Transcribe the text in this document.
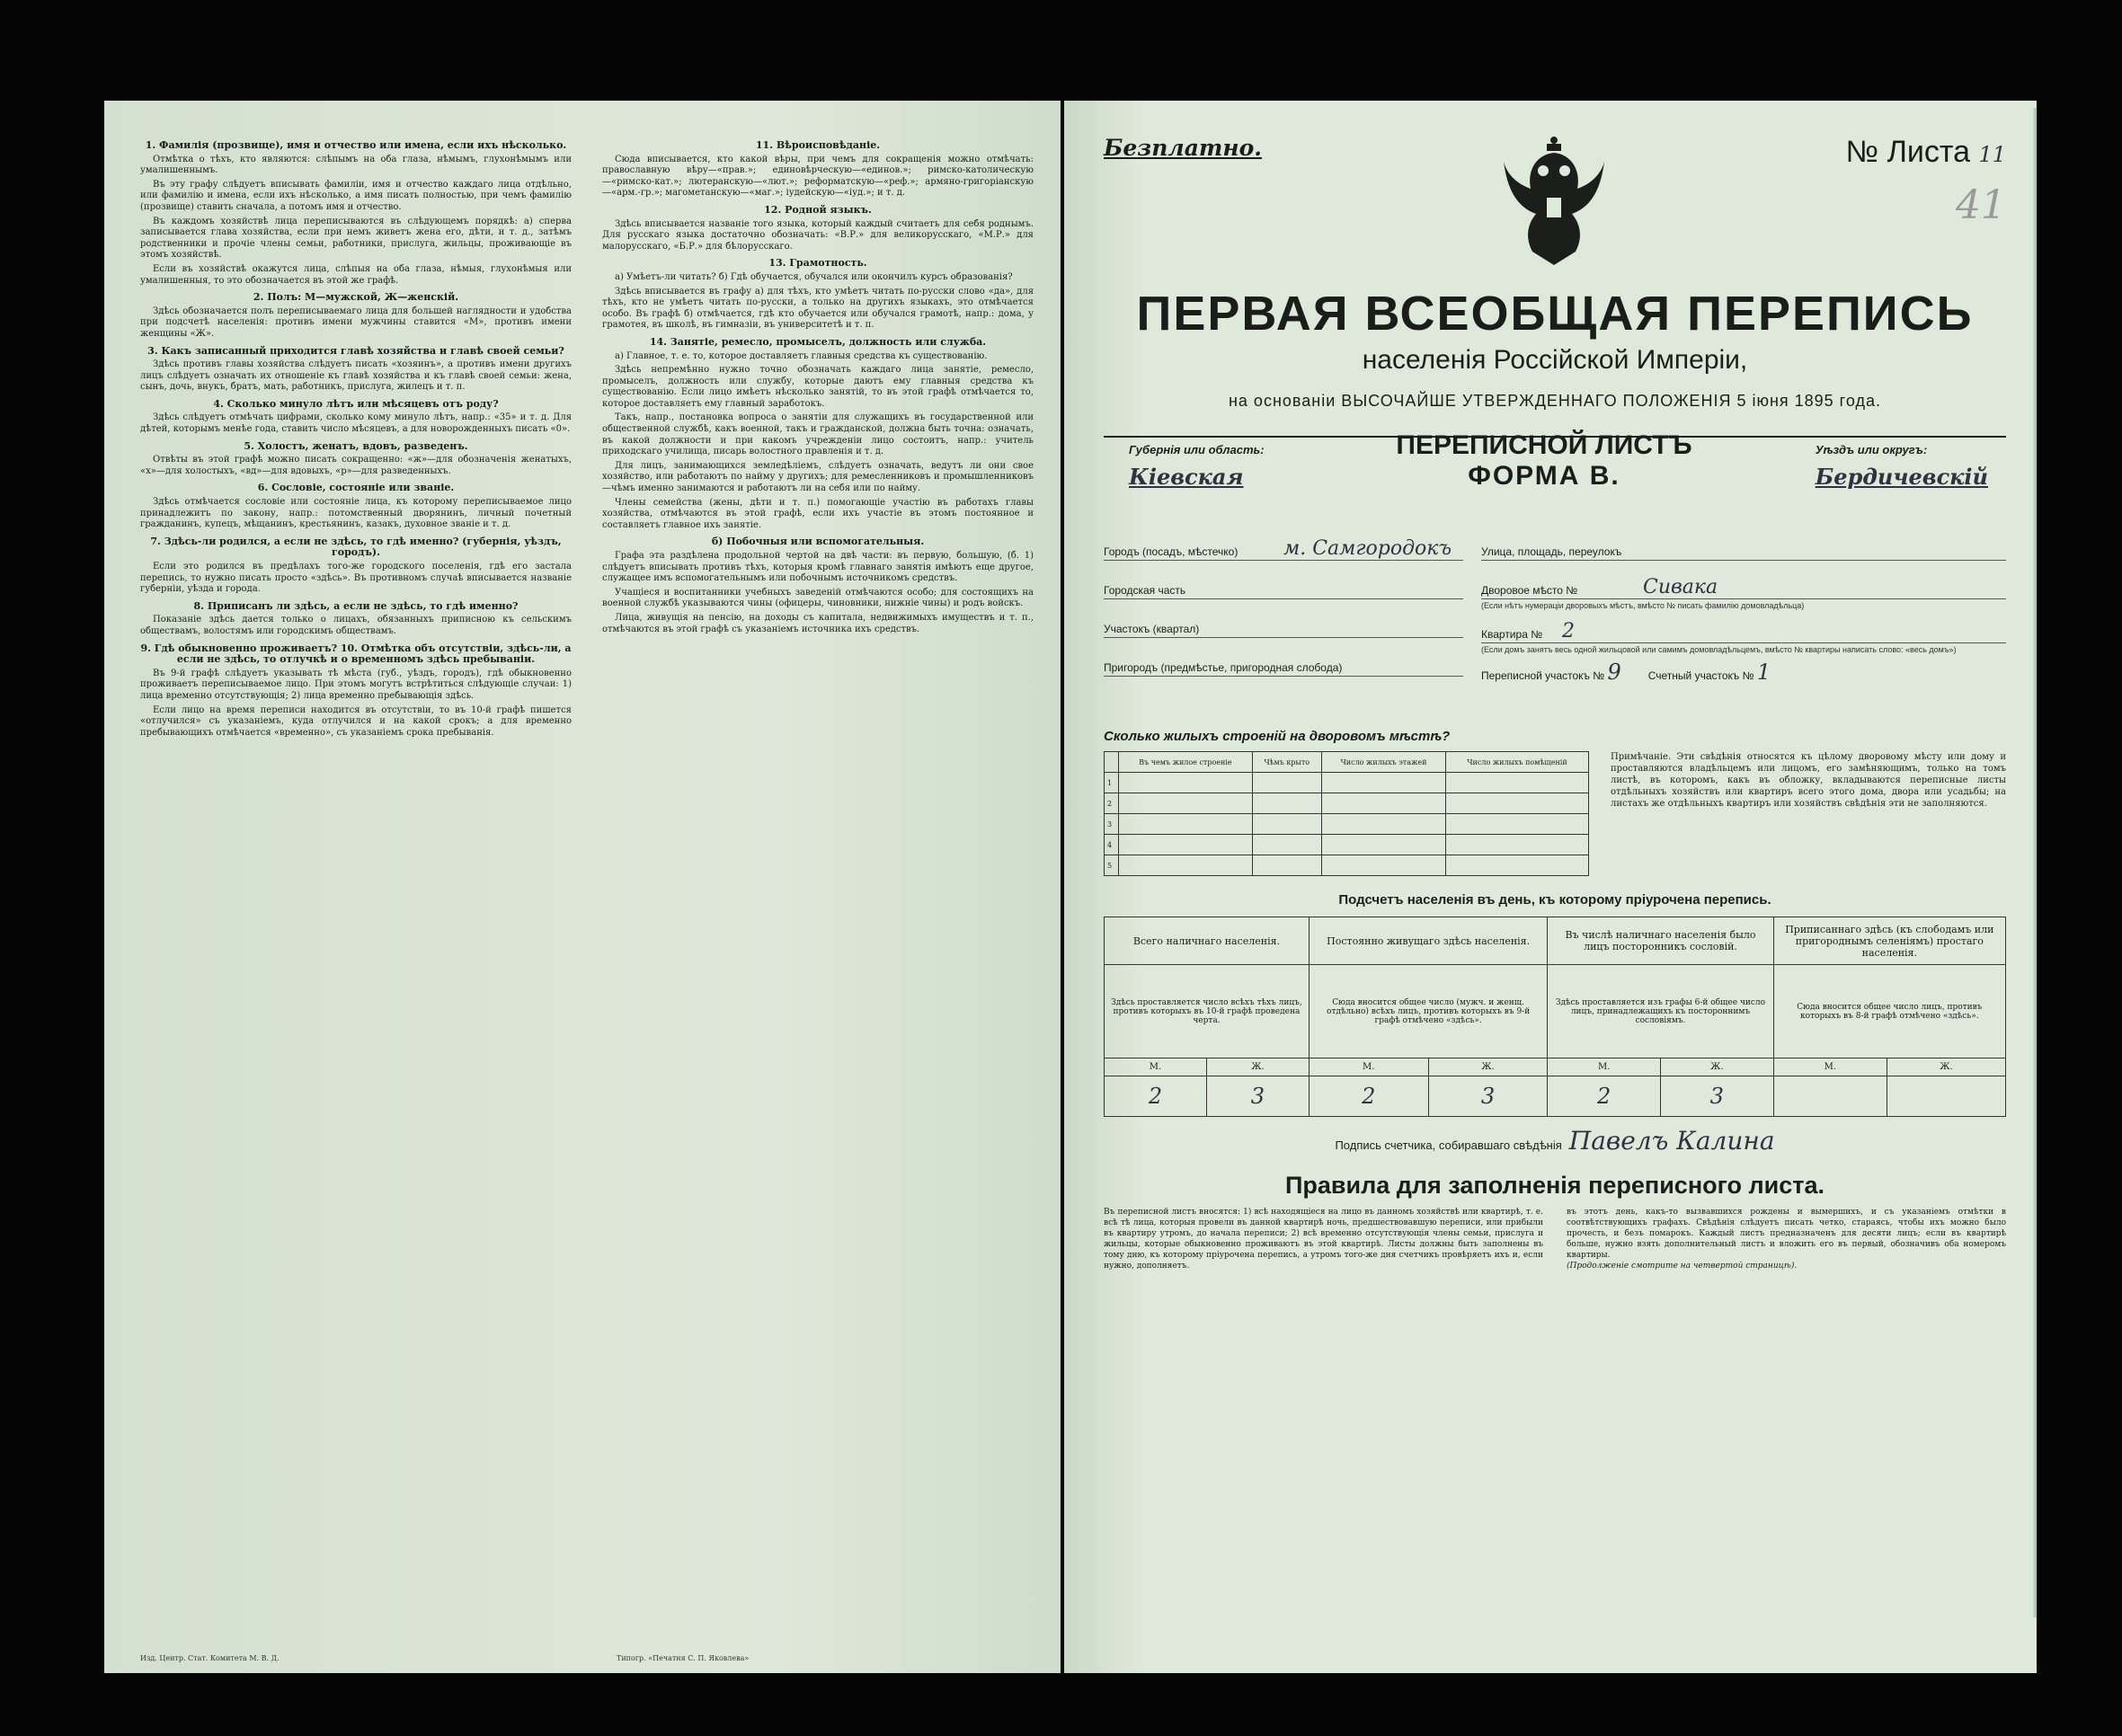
1. Фамилія (прозвище), имя и отчество или имена, если ихъ нѣсколько.

Отмѣтка о тѣхъ, кто являются: слѣпымъ на оба глаза, нѣмымъ, глухонѣмымъ или умалишеннымъ.

Въ эту графу слѣдуетъ вписывать фамиліи, имя и отчество каждаго лица отдѣльно, или фамилію и имена, если ихъ нѣсколько, а имя писать полностью, при чемъ фамилію (прозвище) ставить сначала, а потомъ имя и отчество.

Въ каждомъ хозяйствѣ лица переписываются въ слѣдующемъ порядкѣ: а) сперва записывается глава хозяйства, если при немъ живетъ жена его, дѣти, и т. д., затѣмъ родственники и прочіе члены семьи, работники, прислуга, жильцы, проживающіе въ этомъ хозяйствѣ.

Если въ хозяйствѣ окажутся лица, слѣпыя на оба глаза, нѣмыя, глухонѣмыя или умалишенныя, то это обозначается въ этой же графѣ.

2. Полъ: М—мужской, Ж—женскій.

Здѣсь обозначается полъ переписываемаго лица для большей наглядности и удобства при подсчетѣ населенія: противъ имени мужчины ставится «М», противъ имени женщины «Ж».

3. Какъ записанный приходится главѣ хозяйства и главѣ своей семьи?

Здѣсь противъ главы хозяйства слѣдуетъ писать «хозяинъ», а противъ имени другихъ лицъ слѣдуетъ означать их отношеніе къ главѣ хозяйства и къ главѣ своей семьи: жена, сынъ, дочь, внукъ, братъ, мать, работникъ, прислуга, жилецъ и т. п.

4. Сколько минуло лѣтъ или мѣсяцевъ отъ роду?

Здѣсь слѣдуетъ отмѣчать цифрами, сколько кому минуло лѣтъ, напр.: «35» и т. д. Для дѣтей, которымъ менѣе года, ставить число мѣсяцевъ, а для новорожденныхъ писать «0».

5. Холостъ, женатъ, вдовъ, разведенъ.

Отвѣты въ этой графѣ можно писать сокращенно: «ж»—для обозначенія женатыхъ, «х»—для холостыхъ, «вд»—для вдовыхъ, «р»—для разведенныхъ.

6. Сословіе, состояніе или званіе.

Здѣсь отмѣчается сословіе или состояніе лица, къ которому переписываемое лицо принадлежитъ по закону, напр.: потомственный дворянинъ, личный почетный гражданинъ, купецъ, мѣщанинъ, крестьянинъ, казакъ, духовное званіе и т. д.

7. Здѣсь-ли родился, а если не здѣсь, то гдѣ именно? (губернія, уѣздъ, городъ).

Если это родился въ предѣлахъ того-же городского поселенія, гдѣ его застала перепись, то нужно писать просто «здѣсь». Въ противномъ случаѣ вписывается названіе губерніи, уѣзда и города.

8. Приписанъ ли здѣсь, а если не здѣсь, то гдѣ именно?

Показаніе здѣсь дается только о лицахъ, обязанныхъ приписною къ сельскимъ обществамъ, волостямъ или городскимъ обществамъ.

9. Гдѣ обыкновенно проживаетъ? 10. Отмѣтка объ отсутствіи, здѣсь-ли, а если не здѣсь, то отлучкѣ и о временномъ здѣсь пребываніи.

Въ 9-й графѣ слѣдуетъ указывать тѣ мѣста (губ., уѣздъ, городъ), гдѣ обыкновенно проживаетъ переписываемое лицо. При этомъ могутъ встрѣтиться слѣдующіе случаи: 1) лица временно отсутствующія; 2) лица временно пребывающія здѣсь.

Если лицо на время переписи находится въ отсутствіи, то въ 10-й графѣ пишется «отлучился» съ указаніемъ, куда отлучился и на какой срокъ; а для временно пребывающихъ отмѣчается «временно», съ указаніемъ срока пребыванія.

11. Вѣроисповѣданіе.

Сюда вписывается, кто какой вѣры, при чемъ для сокращенія можно отмѣчать: православную вѣру—«прав.»; единовѣрческую—«единов.»; римско-католическую—«римско-кат.»; лютеранскую—«лют.»; реформатскую—«реф.»; армяно-григоріанскую—«арм.-гр.»; магометанскую—«маг.»; іудейскую—«іуд.»; и т. д.

12. Родной языкъ.

Здѣсь вписывается названіе того языка, который каждый считаетъ для себя роднымъ. Для русскаго языка достаточно обозначать: «В.Р.» для великорусскаго, «М.Р.» для малорусскаго, «Б.Р.» для бѣлорусскаго.

13. Грамотность.

а) Умѣетъ-ли читать? б) Гдѣ обучается, обучался или окончилъ курсъ образованія?

Здѣсь вписывается въ графу а) для тѣхъ, кто умѣетъ читать по-русски слово «да», для тѣхъ, кто не умѣетъ читать по-русски, а только на другихъ языкахъ, это отмѣчается особо. Въ графѣ б) отмѣчается, гдѣ кто обучается или обучался грамотѣ, напр.: дома, у грамотея, въ школѣ, въ гимназіи, въ университетѣ и т. п.

14. Занятіе, ремесло, промыселъ, должность или служба.

а) Главное, т. е. то, которое доставляетъ главныя средства къ существованію.

Здѣсь непремѣнно нужно точно обозначать каждаго лица занятіе, ремесло, промыселъ, должность или службу, которые даютъ ему главныя средства къ существованію. Если лицо имѣетъ нѣсколько занятій, то въ этой графѣ отмѣчается то, которое доставляетъ ему главный заработокъ.

Такъ, напр., постановка вопроса о занятіи для служащихъ въ государственной или общественной службѣ, какъ военной, такъ и гражданской, должна быть точна: означать, въ какой должности и при какомъ учрежденіи лицо состоитъ, напр.: учитель приходскаго училища, писарь волостного правленія и т. д.

Для лицъ, занимающихся земледѣліемъ, слѣдуетъ означать, ведутъ ли они свое хозяйство, или работаютъ по найму у другихъ; для ремесленниковъ и промышленниковъ—чѣмъ именно занимаются и работаютъ ли на себя или по найму.

Члены семейства (жены, дѣти и т. п.) помогающіе участію въ работахъ главы хозяйства, отмѣчаются въ этой графѣ, если ихъ участіе въ этомъ постоянное и составляетъ главное ихъ занятіе.

б) Побочныя или вспомогательныя.

Графа эта раздѣлена продольной чертой на двѣ части: въ первую, большую, (б. 1) слѣдуетъ вписывать противъ тѣхъ, которыя кромѣ главнаго занятія имѣютъ еще другое, служащее имъ вспомогательнымъ или побочнымъ источникомъ средствъ.

Учащіеся и воспитанники учебныхъ заведеній отмѣчаются особо; для состоящихъ на военной службѣ указываются чины (офицеры, чиновники, нижніе чины) и родъ войскъ.

Лица, живущія на пенсію, на доходы съ капитала, недвижимыхъ имуществъ и т. п., отмѣчаются въ этой графѣ съ указаніемъ источника ихъ средствъ.

Изд. Центр. Стат. Комитета М. В. Д.	Типогр. «Печатня С. П. Яковлева»
Безплатно.	№ Листа 11
41
ПЕРВАЯ ВСЕОБЩАЯ ПЕРЕПИСЬ
населенія Россійской Имперіи,
на основаніи ВЫСОЧАЙШЕ УТВЕРЖДЕННАГО ПОЛОЖЕНІЯ 5 іюня 1895 года.
Губернія или область:
Кіевская
ПЕРЕПИСНОЙ ЛИСТЪ
ФОРМА В.
Уѣздъ или округъ:
Бердичевскій
Городъ (посадъ, мѣстечко) м. Самгородокъ
Городская часть
Участокъ (квартал)
Пригородъ (предмѣстье, пригородная слобода)
Улица, площадь, переулокъ
Дворовое мѣсто №	Сивака
(Если нѣтъ нумераціи дворовыхъ мѣстъ, вмѣсто № писать фамилію домовладѣльца)
Квартира № 2
(Если домъ занятъ весь одной жильцовой или самимъ домовладѣльцемъ, вмѣсто № квартиры написать слово: «весь домъ»)
Переписной участокъ № 9	Счетный участокъ № 1
Сколько жилыхъ строеній на дворовомъ мѣстѣ?
	Въ чемъ жилое строеніе	Чѣмъ крыто	Число жилыхъ этажей	Число жилыхъ помѣщеній
1				
2				
3				
4				
5				
Примѣчаніе. Эти свѣдѣнія относятся къ цѣлому дворовому мѣсту или дому и проставляются владѣльцемъ или лицомъ, его замѣняющимъ, только на томъ листѣ, въ которомъ, какъ въ обложку, вкладываются переписные листы отдѣльныхъ хозяйствъ или квартиръ всего этого дома, двора или усадьбы; на листахъ же отдѣльныхъ квартиръ или хозяйствъ свѣдѣнія эти не заполняются.
Подсчетъ населенія въ день, къ которому пріурочена перепись.
Всего наличнаго населенія.		Постоянно живущаго здѣсь населенія.		Въ числѣ наличнаго населенія было лицъ посторонникъ сословій.		Приписаннаго здѣсь (къ слободамъ или пригороднымъ селеніямъ) простаго населенія.	
Здѣсь проставляется число всѣхъ тѣхъ лицъ, противъ которыхъ въ 10-й графѣ проведена черта.		Сюда вносится общее число (мужч. и женщ. отдѣльно) всѣхъ лицъ, противъ которыхъ въ 9-й графѣ отмѣчено «здѣсь».		Здѣсь проставляется изъ графы 6-й общее число лицъ, принадлежащихъ къ постороннимъ сословіямъ.		Сюда вносится общее число лицъ, противъ которыхъ въ 8-й графѣ отмѣчено «здѣсь».	
М.	Ж.	М.	Ж.	М.	Ж.	М.	Ж.
2	3	2	3	2	3		
Подпись счетчика, собиравшаго свѣдѣнія Павелъ Калина
Правила для заполненія переписного листа.
Въ переписной листъ вносятся: 1) всѣ находящіеся на лицо въ данномъ хозяйствѣ или квартирѣ, т. е. всѣ тѣ лица, которыя провели въ данной квартирѣ ночь, предшествовавшую переписи, или прибыли въ квартиру утромъ, до начала переписи; 2) всѣ временно отсутствующія члены семьи, прислуга и жильцы, которые обыкновенно проживаютъ въ этой квартирѣ. Листы должны быть заполнены въ тому дню, къ которому пріурочена перепись, а утромъ того-же дня счетчикъ провѣряетъ ихъ и, если нужно, дополняетъ.
въ этотъ день, какъ-то вызвавшихся рождены и вымершихъ, и съ указаніемъ отмѣтки в соотвѣтствующихъ графахъ. Свѣдѣнія слѣдуетъ писать четко, стараясь, чтобы ихъ можно было прочесть, и безъ помарокъ. Каждый листъ предназначенъ для десяти лицъ; если въ квартирѣ больше, нужно взять дополнительный листъ и вложить его въ первый, обозначивъ оба номеромъ квартиры.
(Продолженіе смотрите на четвертой страницѣ).
